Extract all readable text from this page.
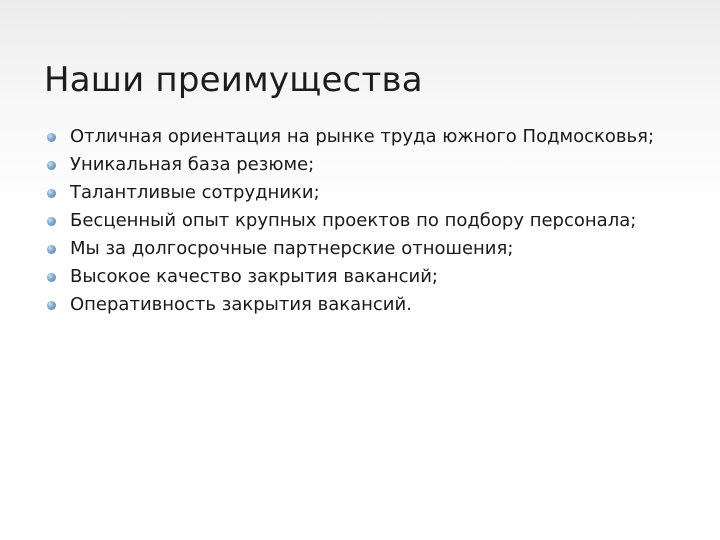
Наши преимущества
Отличная ориентация на рынке труда южного Подмосковья;
Уникальная база резюме;
Талантливые сотрудники;
Бесценный опыт крупных проектов по подбору персонала;
Мы за долгосрочные партнерские отношения;
Высокое качество закрытия вакансий;
Оперативность закрытия вакансий.
